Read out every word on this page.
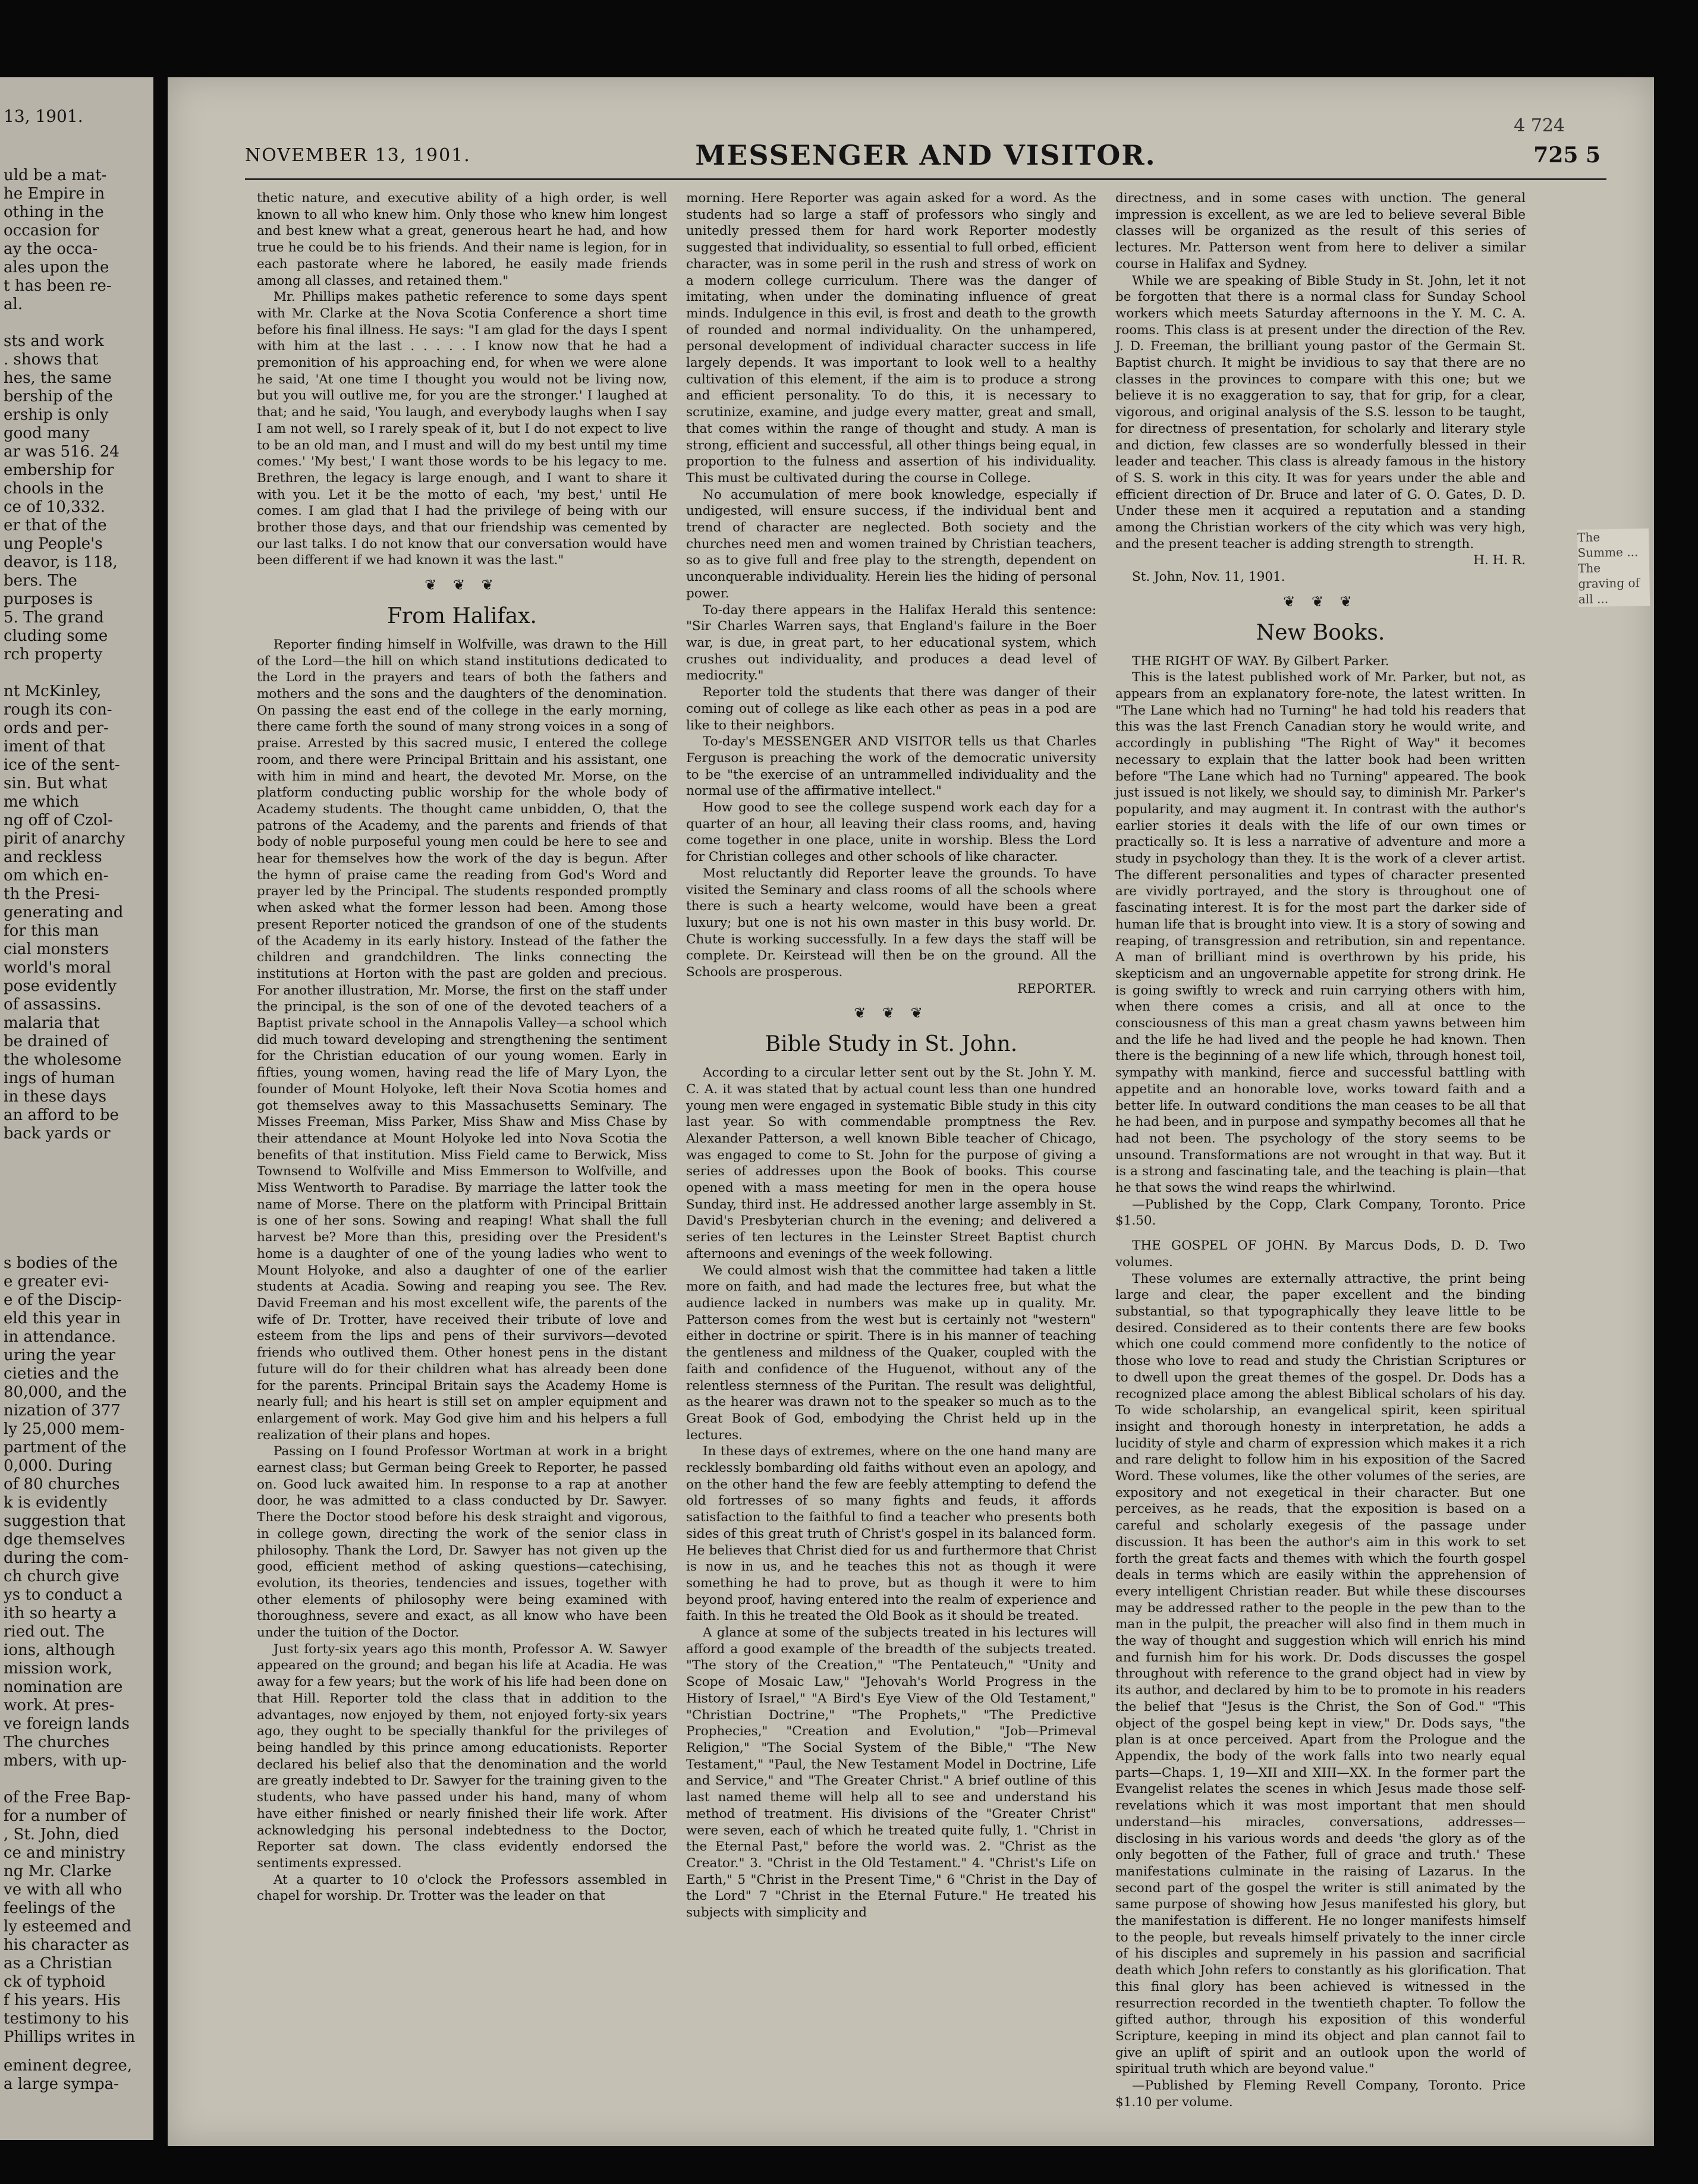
13, 1901.
uld be a mat-
he Empire in
othing in the
occasion for
ay the occa-
ales upon the
t has been re-
al.
sts and work
. shows that
hes, the same
bership of the
ership is only
good many
ar was 516. 24
embership for
chools in the
ce of 10,332.
er that of the
ung People's
deavor, is 118,
bers. The
purposes is
5. The grand
cluding some
rch property
nt McKinley,
rough its con-
ords and per-
iment of that
ice of the sent-
sin. But what
me which
ng off of Czol-
pirit of anarchy
and reckless
om which en-
th the Presi-
generating and
for this man
cial monsters
world's moral
pose evidently
of assassins.
malaria that
be drained of
the wholesome
ings of human
in these days
an afford to be
back yards or
s bodies of the
e greater evi-
e of the Discip-
eld this year in
in attendance.
uring the year
cieties and the
80,000, and the
nization of 377
ly 25,000 mem-
partment of the
0,000. During
of 80 churches
k is evidently
suggestion that
dge themselves
during the com-
ch church give
ys to conduct a
ith so hearty a
ried out. The
ions, although
mission work,
nomination are
work. At pres-
ve foreign lands
The churches
mbers, with up-
of the Free Bap-
for a number of
, St. John, died
ce and ministry
ng Mr. Clarke
ve with all who
feelings of the
ly esteemed and
his character as
as a Christian
ck of typhoid
f his years. His
testimony to his
Phillips writes in
eminent degree,
a large sympa-
NOVEMBER 13, 1901.	MESSENGER AND VISITOR.
4 724
725 5

thetic nature, and executive ability of a high order, is well known to all who knew him. Only those who knew him longest and best knew what a great, generous heart he had, and how true he could be to his friends. And their name is legion, for in each pastorate where he labored, he easily made friends among all classes, and retained them."

Mr. Phillips makes pathetic reference to some days spent with Mr. Clarke at the Nova Scotia Conference a short time before his final illness. He says: "I am glad for the days I spent with him at the last . . . . . I know now that he had a premonition of his approaching end, for when we were alone he said, 'At one time I thought you would not be living now, but you will outlive me, for you are the stronger.' I laughed at that; and he said, 'You laugh, and everybody laughs when I say I am not well, so I rarely speak of it, but I do not expect to live to be an old man, and I must and will do my best until my time comes.' 'My best,' I want those words to be his legacy to me. Brethren, the legacy is large enough, and I want to share it with you. Let it be the motto of each, 'my best,' until He comes. I am glad that I had the privilege of being with our brother those days, and that our friendship was cemented by our last talks. I do not know that our conversation would have been different if we had known it was the last."

❦ ❦ ❦
From Halifax.

Reporter finding himself in Wolfville, was drawn to the Hill of the Lord—the hill on which stand institutions dedicated to the Lord in the prayers and tears of both the fathers and mothers and the sons and the daughters of the denomination. On passing the east end of the college in the early morning, there came forth the sound of many strong voices in a song of praise. Arrested by this sacred music, I entered the college room, and there were Principal Brittain and his assistant, one with him in mind and heart, the devoted Mr. Morse, on the platform conducting public worship for the whole body of Academy students. The thought came unbidden, O, that the patrons of the Academy, and the parents and friends of that body of noble purposeful young men could be here to see and hear for themselves how the work of the day is begun. After the hymn of praise came the reading from God's Word and prayer led by the Principal. The students responded promptly when asked what the former lesson had been. Among those present Reporter noticed the grandson of one of the students of the Academy in its early history. Instead of the father the children and grandchildren. The links connecting the institutions at Horton with the past are golden and precious. For another illustration, Mr. Morse, the first on the staff under the principal, is the son of one of the devoted teachers of a Baptist private school in the Annapolis Valley—a school which did much toward developing and strengthening the sentiment for the Christian education of our young women. Early in fifties, young women, having read the life of Mary Lyon, the founder of Mount Holyoke, left their Nova Scotia homes and got themselves away to this Massachusetts Seminary. The Misses Freeman, Miss Parker, Miss Shaw and Miss Chase by their attendance at Mount Holyoke led into Nova Scotia the benefits of that institution. Miss Field came to Berwick, Miss Townsend to Wolfville and Miss Emmerson to Wolfville, and Miss Wentworth to Paradise. By marriage the latter took the name of Morse. There on the platform with Principal Brittain is one of her sons. Sowing and reaping! What shall the full harvest be? More than this, presiding over the President's home is a daughter of one of the young ladies who went to Mount Holyoke, and also a daughter of one of the earlier students at Acadia. Sowing and reaping you see. The Rev. David Freeman and his most excellent wife, the parents of the wife of Dr. Trotter, have received their tribute of love and esteem from the lips and pens of their survivors—devoted friends who outlived them. Other honest pens in the distant future will do for their children what has already been done for the parents. Principal Britain says the Academy Home is nearly full; and his heart is still set on ampler equipment and enlargement of work. May God give him and his helpers a full realization of their plans and hopes.

Passing on I found Professor Wortman at work in a bright earnest class; but German being Greek to Reporter, he passed on. Good luck awaited him. In response to a rap at another door, he was admitted to a class conducted by Dr. Sawyer. There the Doctor stood before his desk straight and vigorous, in college gown, directing the work of the senior class in philosophy. Thank the Lord, Dr. Sawyer has not given up the good, efficient method of asking questions—catechising, evolution, its theories, tendencies and issues, together with other elements of philosophy were being examined with thoroughness, severe and exact, as all know who have been under the tuition of the Doctor.

Just forty-six years ago this month, Professor A. W. Sawyer appeared on the ground; and began his life at Acadia. He was away for a few years; but the work of his life had been done on that Hill. Reporter told the class that in addition to the advantages, now enjoyed by them, not enjoyed forty-six years ago, they ought to be specially thankful for the privileges of being handled by this prince among educationists. Reporter declared his belief also that the denomination and the world are greatly indebted to Dr. Sawyer for the training given to the students, who have passed under his hand, many of whom have either finished or nearly finished their life work. After acknowledging his personal indebtedness to the Doctor, Reporter sat down. The class evidently endorsed the sentiments expressed.

At a quarter to 10 o'clock the Professors assembled in chapel for worship. Dr. Trotter was the leader on that

morning. Here Reporter was again asked for a word. As the students had so large a staff of professors who singly and unitedly pressed them for hard work Reporter modestly suggested that individuality, so essential to full orbed, efficient character, was in some peril in the rush and stress of work on a modern college curriculum. There was the danger of imitating, when under the dominating influence of great minds. Indulgence in this evil, is frost and death to the growth of rounded and normal individuality. On the unhampered, personal development of individual character success in life largely depends. It was important to look well to a healthy cultivation of this element, if the aim is to produce a strong and efficient personality. To do this, it is necessary to scrutinize, examine, and judge every matter, great and small, that comes within the range of thought and study. A man is strong, efficient and successful, all other things being equal, in proportion to the fulness and assertion of his individuality. This must be cultivated during the course in College.

No accumulation of mere book knowledge, especially if undigested, will ensure success, if the individual bent and trend of character are neglected. Both society and the churches need men and women trained by Christian teachers, so as to give full and free play to the strength, dependent on unconquerable individuality. Herein lies the hiding of personal power.

To-day there appears in the Halifax Herald this sentence: "Sir Charles Warren says, that England's failure in the Boer war, is due, in great part, to her educational system, which crushes out individuality, and produces a dead level of mediocrity."

Reporter told the students that there was danger of their coming out of college as like each other as peas in a pod are like to their neighbors.

To-day's MESSENGER AND VISITOR tells us that Charles Ferguson is preaching the work of the democratic university to be "the exercise of an untrammelled individuality and the normal use of the affirmative intellect."

How good to see the college suspend work each day for a quarter of an hour, all leaving their class rooms, and, having come together in one place, unite in worship. Bless the Lord for Christian colleges and other schools of like character.

Most reluctantly did Reporter leave the grounds. To have visited the Seminary and class rooms of all the schools where there is such a hearty welcome, would have been a great luxury; but one is not his own master in this busy world. Dr. Chute is working successfully. In a few days the staff will be complete. Dr. Keirstead will then be on the ground. All the Schools are prosperous.

REPORTER.
❦ ❦ ❦
Bible Study in St. John.

According to a circular letter sent out by the St. John Y. M. C. A. it was stated that by actual count less than one hundred young men were engaged in systematic Bible study in this city last year. So with commendable promptness the Rev. Alexander Patterson, a well known Bible teacher of Chicago, was engaged to come to St. John for the purpose of giving a series of addresses upon the Book of books. This course opened with a mass meeting for men in the opera house Sunday, third inst. He addressed another large assembly in St. David's Presbyterian church in the evening; and delivered a series of ten lectures in the Leinster Street Baptist church afternoons and evenings of the week following.

We could almost wish that the committee had taken a little more on faith, and had made the lectures free, but what the audience lacked in numbers was make up in quality. Mr. Patterson comes from the west but is certainly not "western" either in doctrine or spirit. There is in his manner of teaching the gentleness and mildness of the Quaker, coupled with the faith and confidence of the Huguenot, without any of the relentless sternness of the Puritan. The result was delightful, as the hearer was drawn not to the speaker so much as to the Great Book of God, embodying the Christ held up in the lectures.

In these days of extremes, where on the one hand many are recklessly bombarding old faiths without even an apology, and on the other hand the few are feebly attempting to defend the old fortresses of so many fights and feuds, it affords satisfaction to the faithful to find a teacher who presents both sides of this great truth of Christ's gospel in its balanced form. He believes that Christ died for us and furthermore that Christ is now in us, and he teaches this not as though it were something he had to prove, but as though it were to him beyond proof, having entered into the realm of experience and faith. In this he treated the Old Book as it should be treated.

A glance at some of the subjects treated in his lectures will afford a good example of the breadth of the subjects treated. "The story of the Creation," "The Pentateuch," "Unity and Scope of Mosaic Law," "Jehovah's World Progress in the History of Israel," "A Bird's Eye View of the Old Testament," "Christian Doctrine," "The Prophets," "The Predictive Prophecies," "Creation and Evolution," "Job—Primeval Religion," "The Social System of the Bible," "The New Testament," "Paul, the New Testament Model in Doctrine, Life and Service," and "The Greater Christ." A brief outline of this last named theme will help all to see and understand his method of treatment. His divisions of the "Greater Christ" were seven, each of which he treated quite fully, 1. "Christ in the Eternal Past," before the world was. 2. "Christ as the Creator." 3. "Christ in the Old Testament." 4. "Christ's Life on Earth," 5 "Christ in the Present Time," 6 "Christ in the Day of the Lord" 7 "Christ in the Eternal Future." He treated his subjects with simplicity and

directness, and in some cases with unction. The general impression is excellent, as we are led to believe several Bible classes will be organized as the result of this series of lectures. Mr. Patterson went from here to deliver a similar course in Halifax and Sydney.

While we are speaking of Bible Study in St. John, let it not be forgotten that there is a normal class for Sunday School workers which meets Saturday afternoons in the Y. M. C. A. rooms. This class is at present under the direction of the Rev. J. D. Freeman, the brilliant young pastor of the Germain St. Baptist church. It might be invidious to say that there are no classes in the provinces to compare with this one; but we believe it is no exaggeration to say, that for grip, for a clear, vigorous, and original analysis of the S.S. lesson to be taught, for directness of presentation, for scholarly and literary style and diction, few classes are so wonderfully blessed in their leader and teacher. This class is already famous in the history of S. S. work in this city. It was for years under the able and efficient direction of Dr. Bruce and later of G. O. Gates, D. D. Under these men it acquired a reputation and a standing among the Christian workers of the city which was very high, and the present teacher is adding strength to strength.

H. H. R.

St. John, Nov. 11, 1901.

❦ ❦ ❦
New Books.

THE RIGHT OF WAY. By Gilbert Parker.

This is the latest published work of Mr. Parker, but not, as appears from an explanatory fore-note, the latest written. In "The Lane which had no Turning" he had told his readers that this was the last French Canadian story he would write, and accordingly in publishing "The Right of Way" it becomes necessary to explain that the latter book had been written before "The Lane which had no Turning" appeared. The book just issued is not likely, we should say, to diminish Mr. Parker's popularity, and may augment it. In contrast with the author's earlier stories it deals with the life of our own times or practically so. It is less a narrative of adventure and more a study in psychology than they. It is the work of a clever artist. The different personalities and types of character presented are vividly portrayed, and the story is throughout one of fascinating interest. It is for the most part the darker side of human life that is brought into view. It is a story of sowing and reaping, of transgression and retribution, sin and repentance. A man of brilliant mind is overthrown by his pride, his skepticism and an ungovernable appetite for strong drink. He is going swiftly to wreck and ruin carrying others with him, when there comes a crisis, and all at once to the consciousness of this man a great chasm yawns between him and the life he had lived and the people he had known. Then there is the beginning of a new life which, through honest toil, sympathy with mankind, fierce and successful battling with appetite and an honorable love, works toward faith and a better life. In outward conditions the man ceases to be all that he had been, and in purpose and sympathy becomes all that he had not been. The psychology of the story seems to be unsound. Transformations are not wrought in that way. But it is a strong and fascinating tale, and the teaching is plain—that he that sows the wind reaps the whirlwind.

—Published by the Copp, Clark Company, Toronto. Price $1.50.

THE GOSPEL OF JOHN. By Marcus Dods, D. D. Two volumes.

These volumes are externally attractive, the print being large and clear, the paper excellent and the binding substantial, so that typographically they leave little to be desired. Considered as to their contents there are few books which one could commend more confidently to the notice of those who love to read and study the Christian Scriptures or to dwell upon the great themes of the gospel. Dr. Dods has a recognized place among the ablest Biblical scholars of his day. To wide scholarship, an evangelical spirit, keen spiritual insight and thorough honesty in interpretation, he adds a lucidity of style and charm of expression which makes it a rich and rare delight to follow him in his exposition of the Sacred Word. These volumes, like the other volumes of the series, are expository and not exegetical in their character. But one perceives, as he reads, that the exposition is based on a careful and scholarly exegesis of the passage under discussion. It has been the author's aim in this work to set forth the great facts and themes with which the fourth gospel deals in terms which are easily within the apprehension of every intelligent Christian reader. But while these discourses may be addressed rather to the people in the pew than to the man in the pulpit, the preacher will also find in them much in the way of thought and suggestion which will enrich his mind and furnish him for his work. Dr. Dods discusses the gospel throughout with reference to the grand object had in view by its author, and declared by him to be to promote in his readers the belief that "Jesus is the Christ, the Son of God." "This object of the gospel being kept in view," Dr. Dods says, "the plan is at once perceived. Apart from the Prologue and the Appendix, the body of the work falls into two nearly equal parts—Chaps. 1, 19—XII and XIII—XX. In the former part the Evangelist relates the scenes in which Jesus made those self-revelations which it was most important that men should understand—his miracles, conversations, addresses—disclosing in his various words and deeds 'the glory as of the only begotten of the Father, full of grace and truth.' These manifestations culminate in the raising of Lazarus. In the second part of the gospel the writer is still animated by the same purpose of showing how Jesus manifested his glory, but the manifestation is different. He no longer manifests himself to the people, but reveals himself privately to the inner circle of his disciples and supremely in his passion and sacrificial death which John refers to constantly as his glorification. That this final glory has been achieved is witnessed in the resurrection recorded in the twentieth chapter. To follow the gifted author, through his exposition of this wonderful Scripture, keeping in mind its object and plan cannot fail to give an uplift of spirit and an outlook upon the world of spiritual truth which are beyond value."

—Published by Fleming Revell Company, Toronto. Price $1.10 per volume.

The Summe ... The graving of all ...
